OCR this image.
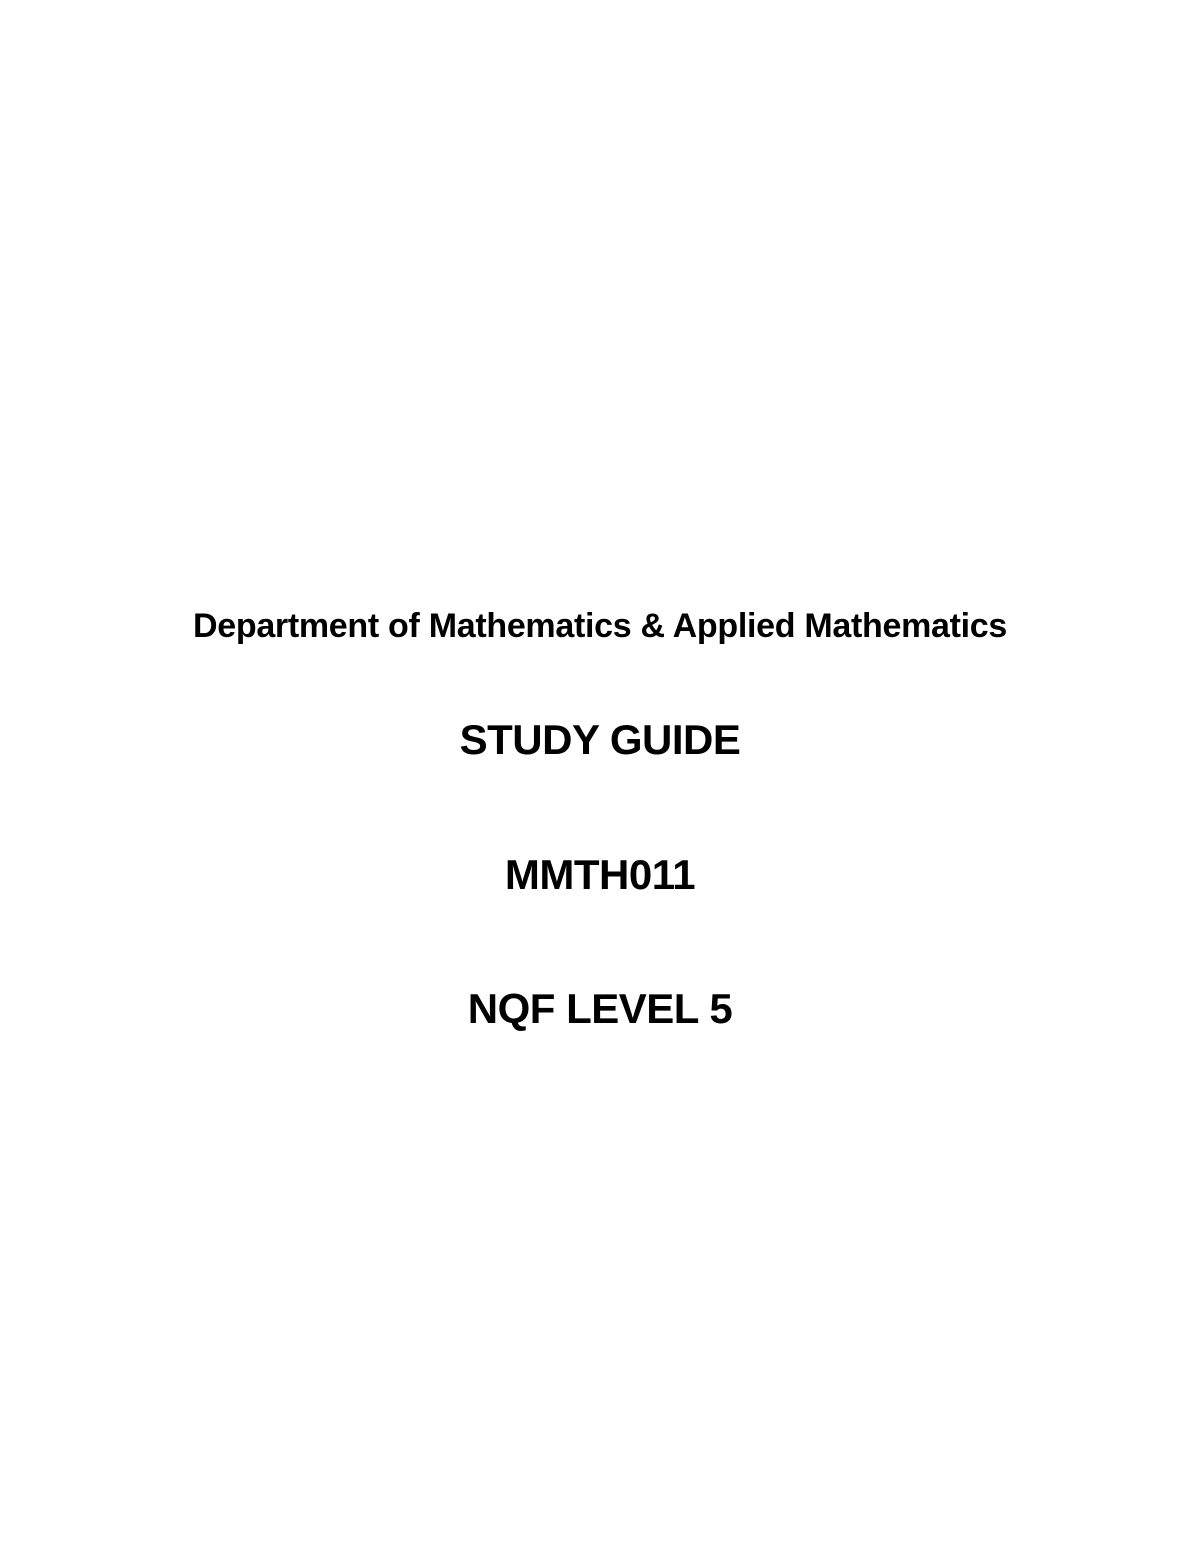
Department of Mathematics & Applied Mathematics
STUDY GUIDE
MMTH011
NQF LEVEL 5
